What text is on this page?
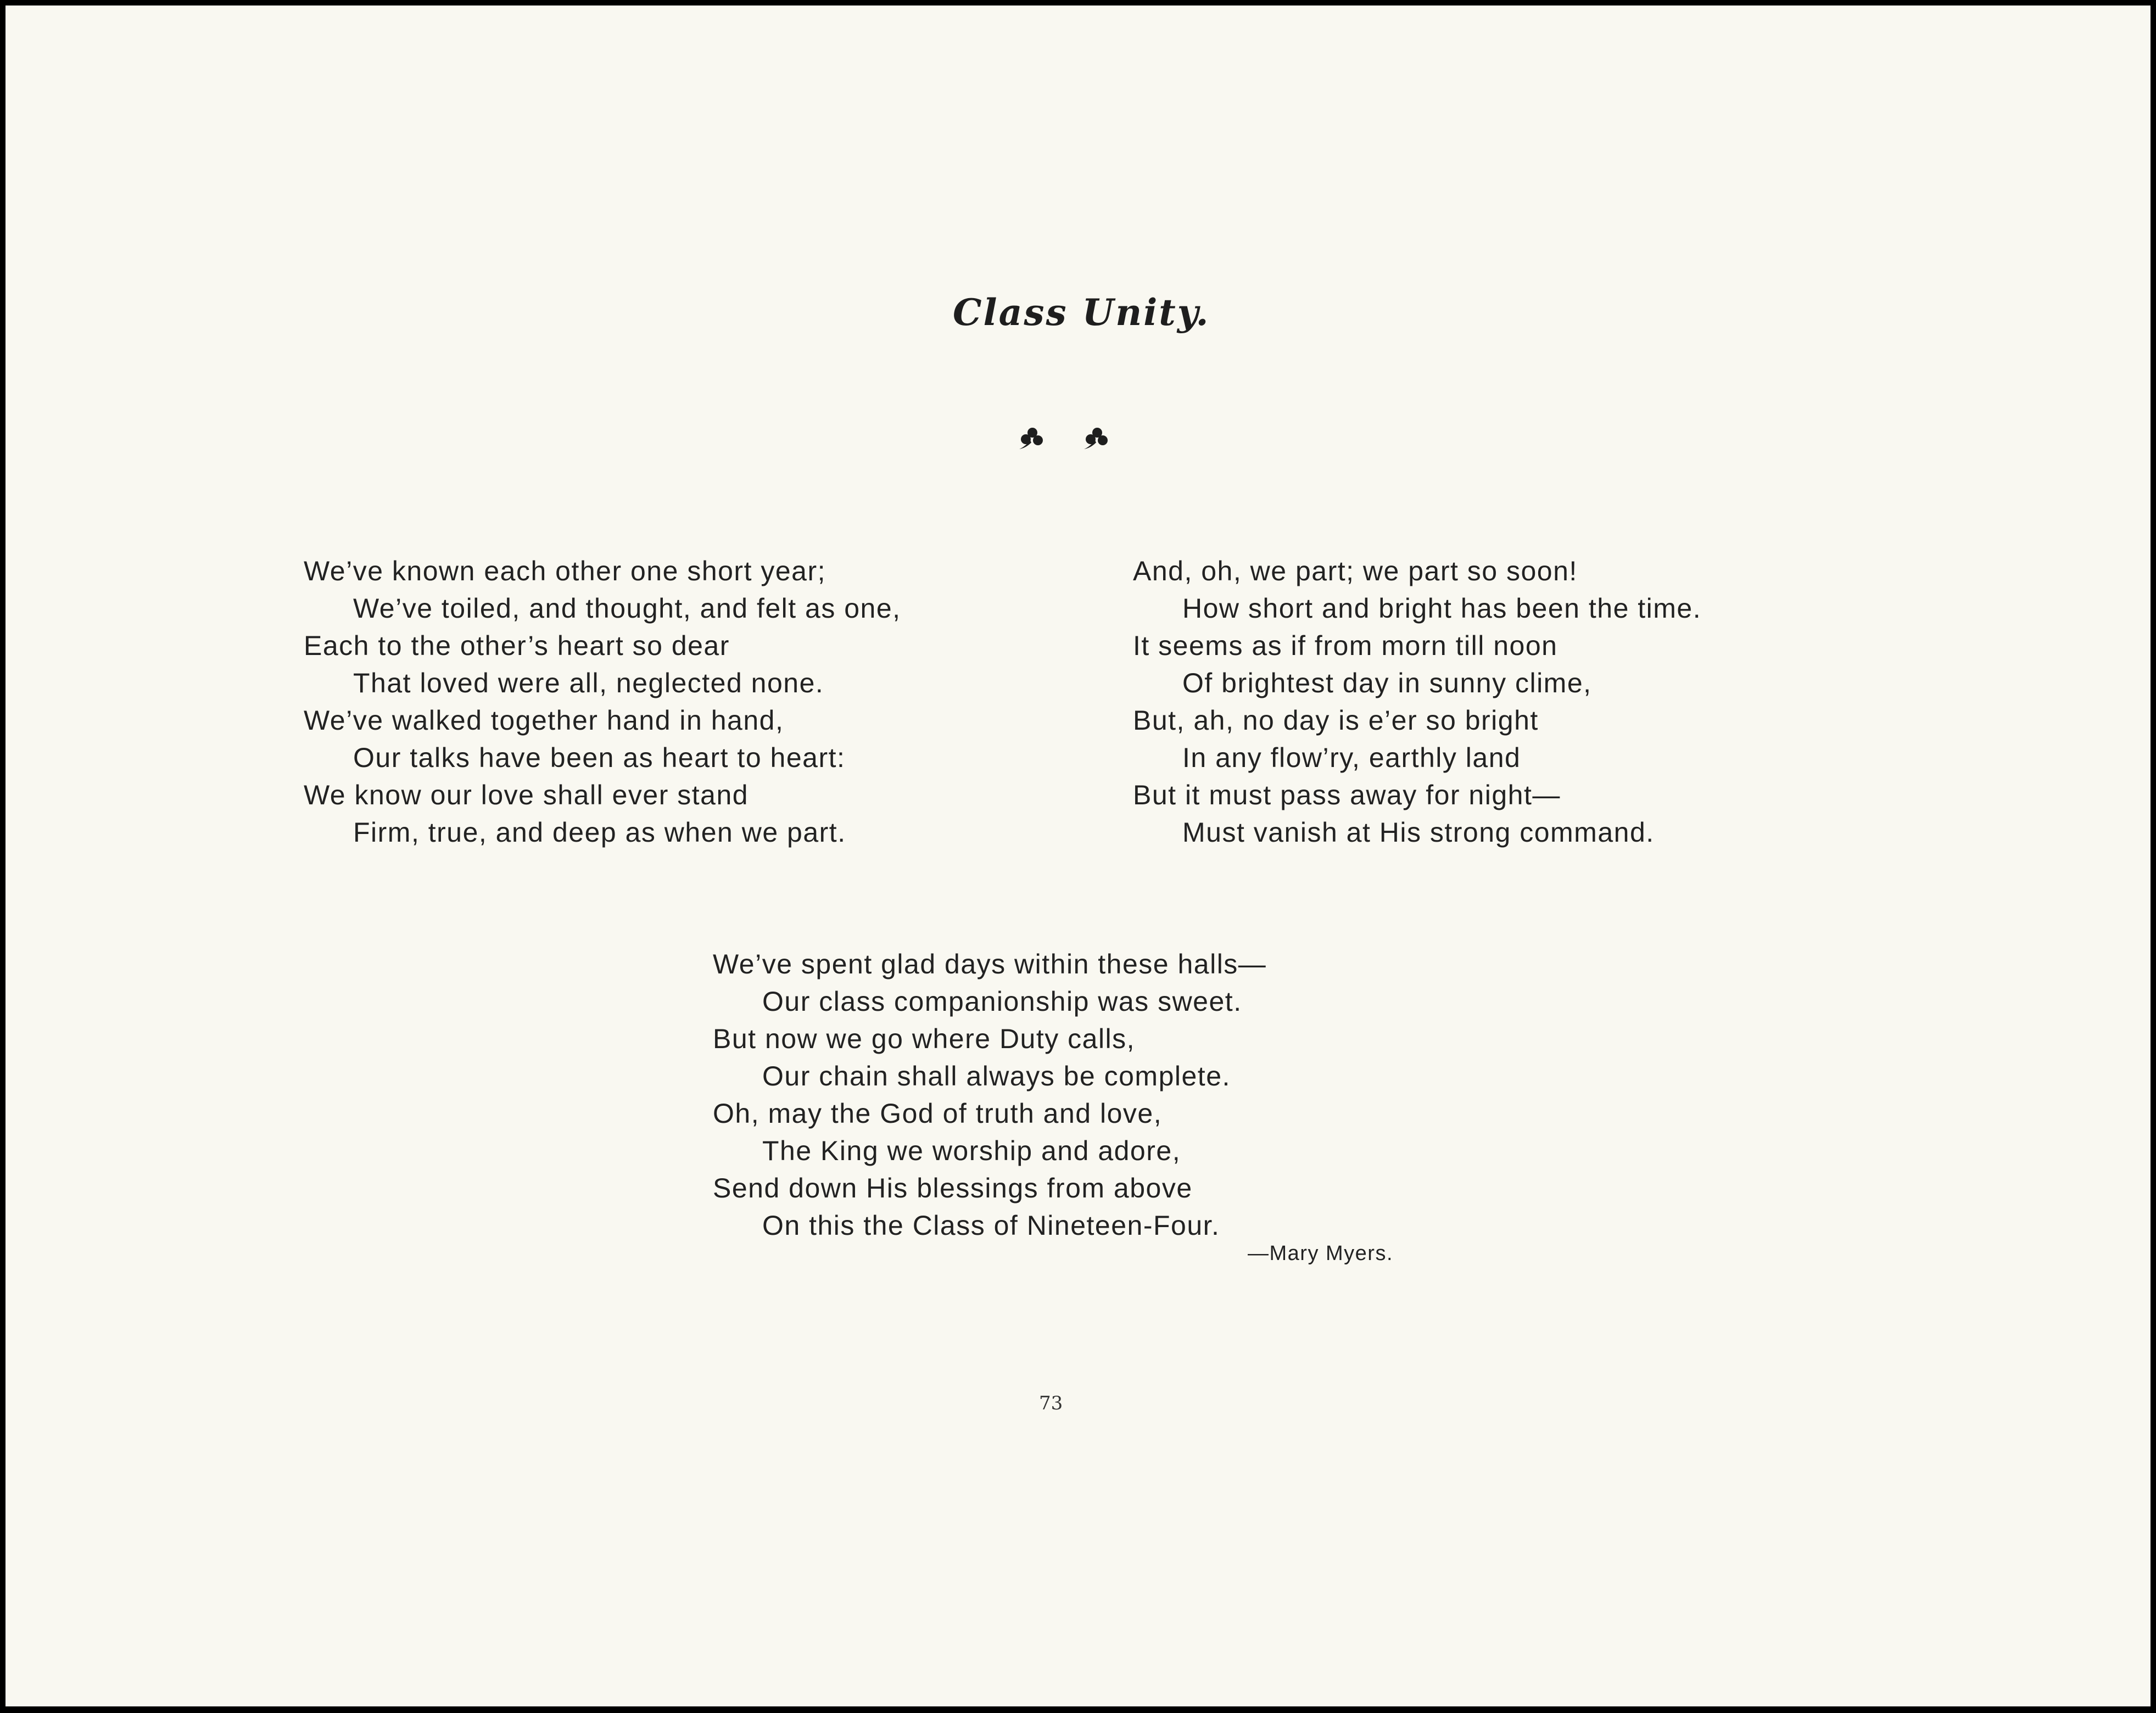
Class Unity.
We’ve known each other one short year;
We’ve toiled, and thought, and felt as one,
Each to the other’s heart so dear
That loved were all, neglected none.
We’ve walked together hand in hand,
Our talks have been as heart to heart:
We know our love shall ever stand
Firm, true, and deep as when we part.
And, oh, we part; we part so soon!
How short and bright has been the time.
It seems as if from morn till noon
Of brightest day in sunny clime,
But, ah, no day is e’er so bright
In any flow’ry, earthly land
But it must pass away for night—
Must vanish at His strong command.
We’ve spent glad days within these halls—
Our class companionship was sweet.
But now we go where Duty calls,
Our chain shall always be complete.
Oh, may the God of truth and love,
The King we worship and adore,
Send down His blessings from above
On this the Class of Nineteen-Four.
—Mary Myers.
73
